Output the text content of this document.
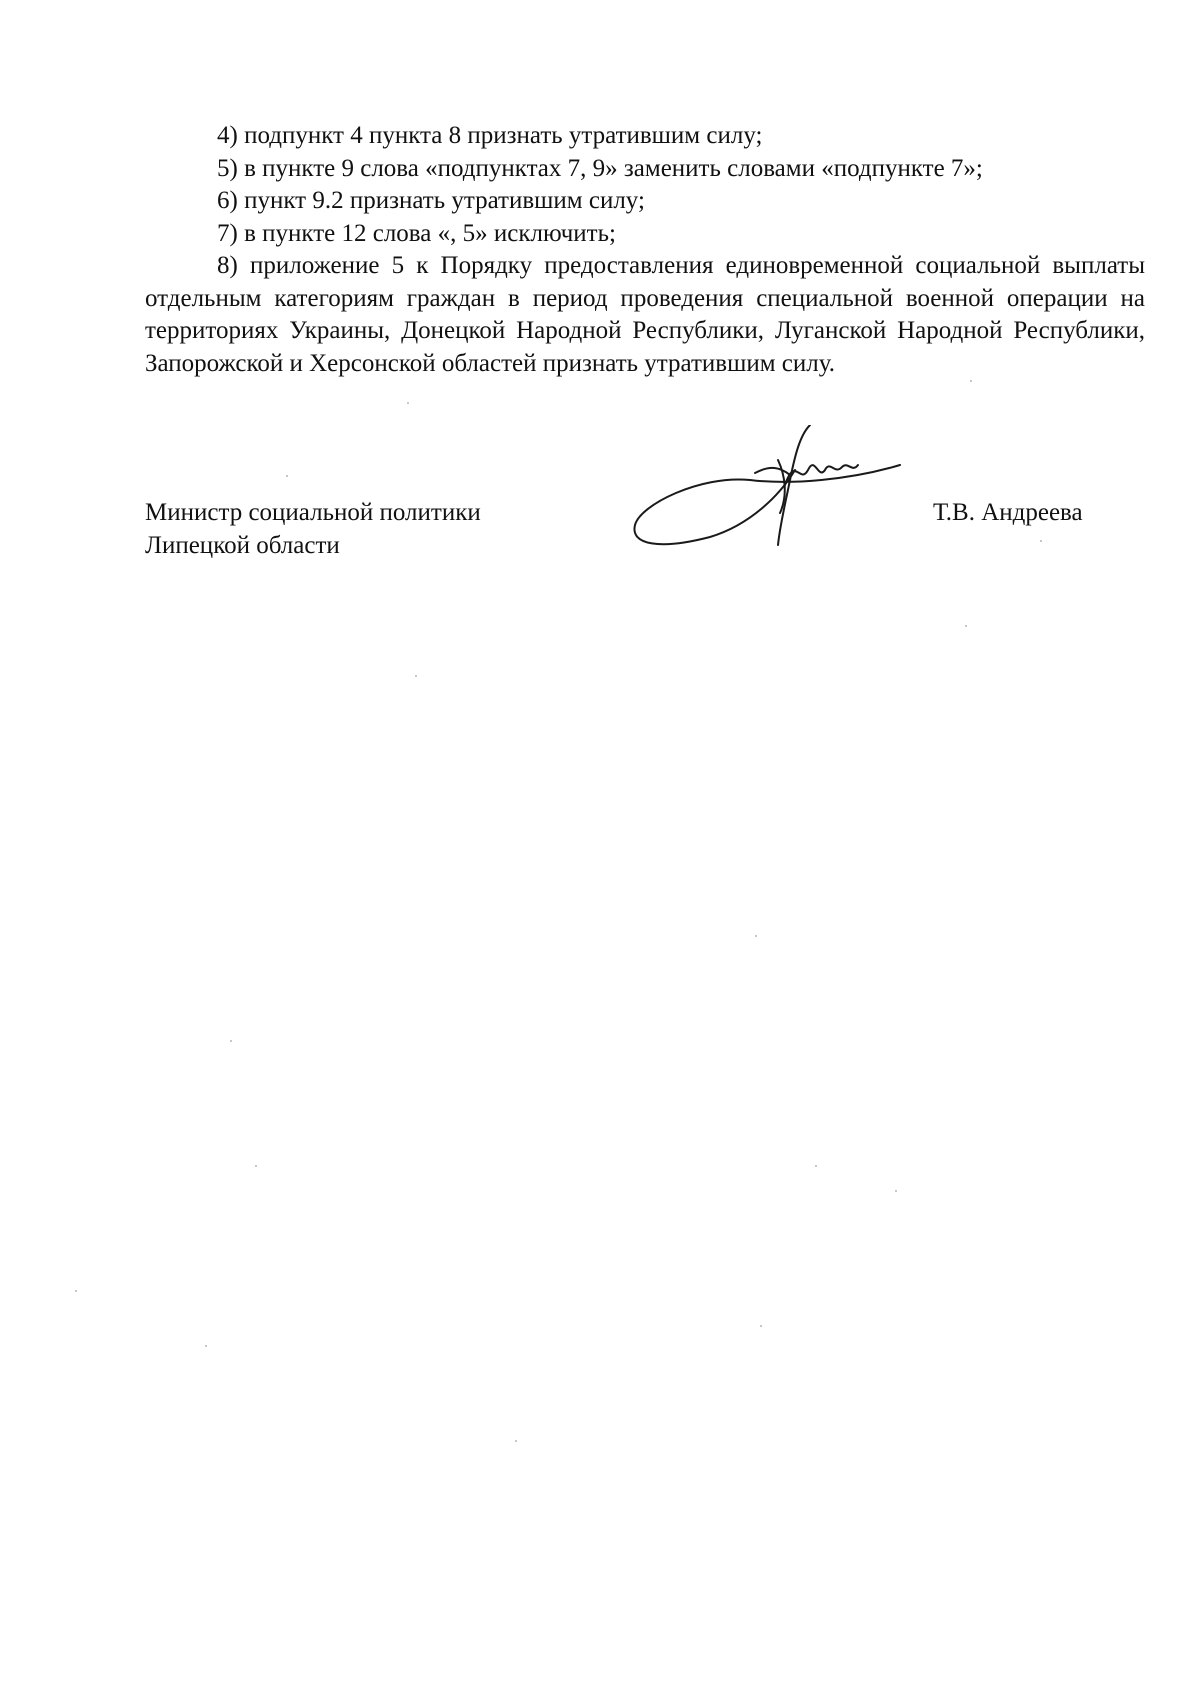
4) подпункт 4 пункта 8 признать утратившим силу;

5) в пункте 9 слова «подпунктах 7, 9» заменить словами «подпункте 7»;

6) пункт 9.2 признать утратившим силу;

7) в пункте 12 слова «, 5» исключить;

8) приложение 5 к Порядку предоставления единовременной социальной выплаты отдельным категориям граждан в период проведения специальной военной операции на территориях Украины, Донецкой Народной Республики, Луганской Народной Республики, Запорожской и Херсонской областей признать утратившим силу.

Министр социальной политики
Липецкой области
Т.В. Андреева
